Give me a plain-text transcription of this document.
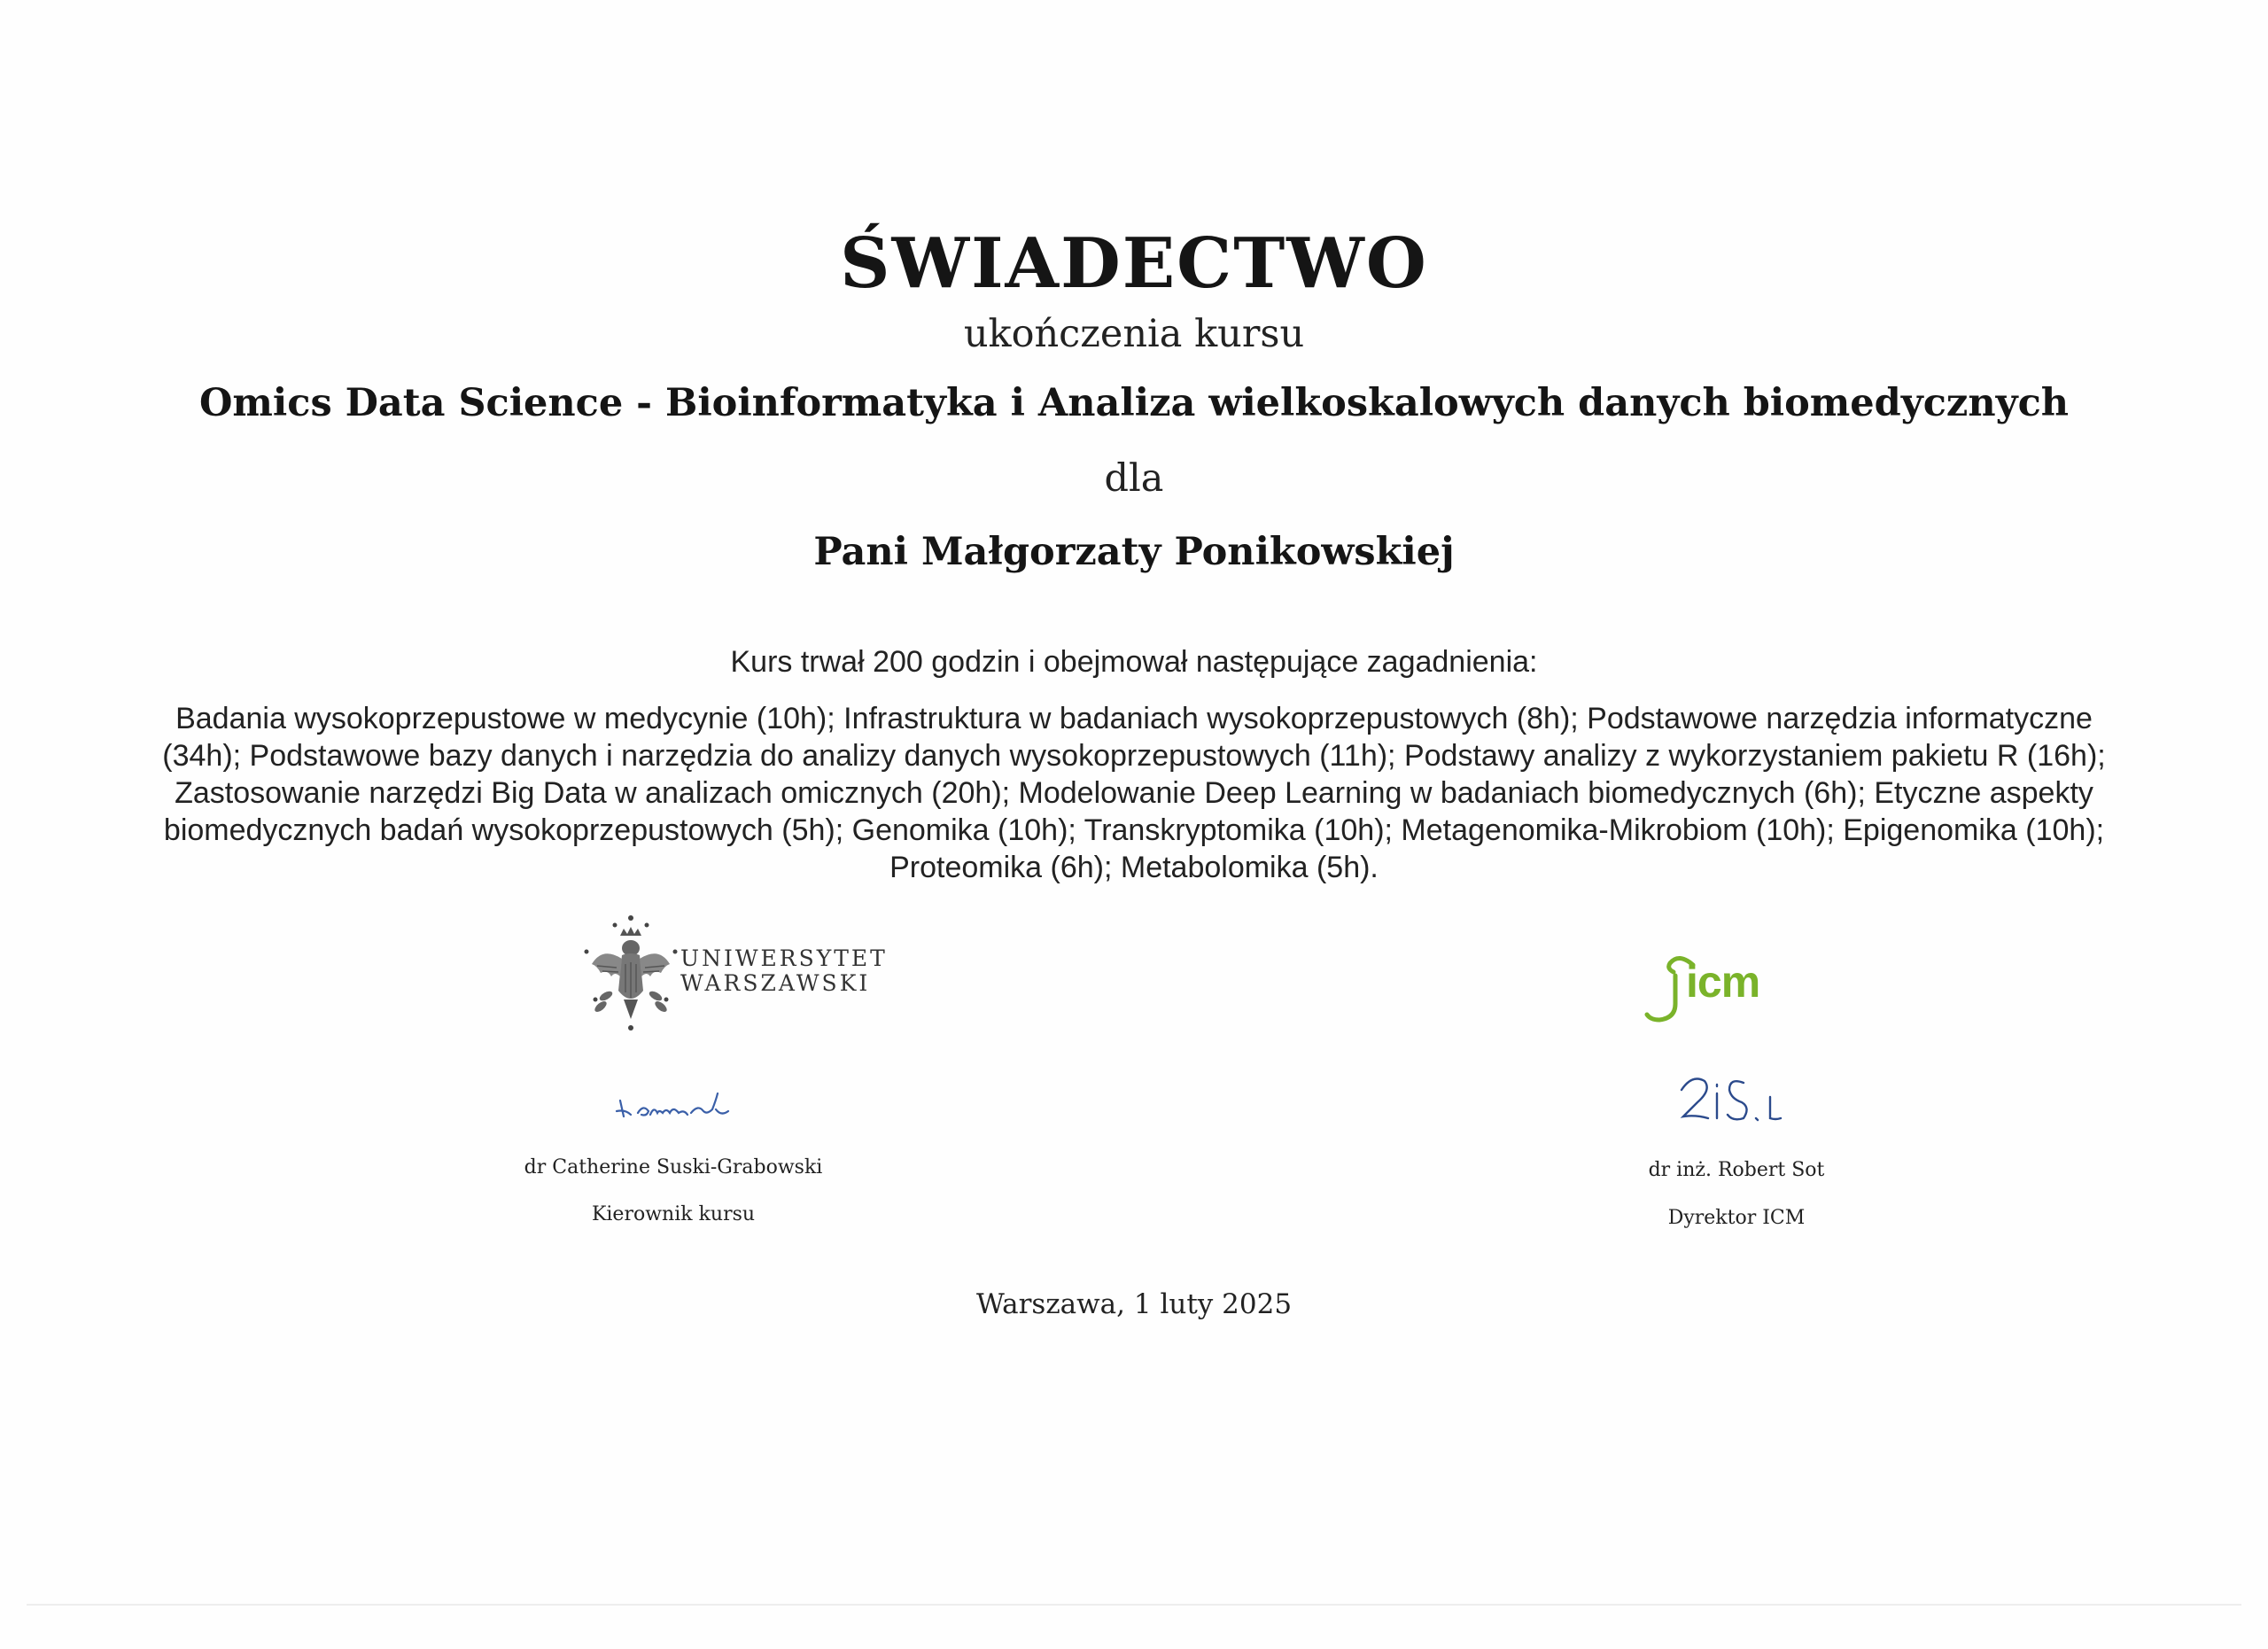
ŚWIADECTWO
ukończenia kursu
Omics Data Science - Bioinformatyka i Analiza wielkoskalowych danych biomedycznych
dla
Pani Małgorzaty Ponikowskiej
Kurs trwał 200 godzin i obejmował następujące zagadnienia:
Badania wysokoprzepustowe w medycynie (10h); Infrastruktura w badaniach wysokoprzepustowych (8h); Podstawowe narzędzia informatyczne
(34h); Podstawowe bazy danych i narzędzia do analizy danych wysokoprzepustowych (11h); Podstawy analizy z wykorzystaniem pakietu R (16h);
Zastosowanie narzędzi Big Data w analizach omicznych (20h); Modelowanie Deep Learning w badaniach biomedycznych (6h); Etyczne aspekty
biomedycznych badań wysokoprzepustowych (5h); Genomika (10h); Transkryptomika (10h); Metagenomika-Mikrobiom (10h); Epigenomika (10h);
Proteomika (6h); Metabolomika (5h).
UNIWERSYTET
WARSZAWSKI	icm
dr Catherine Suski-Grabowski
Kierownik kursu
dr inż. Robert Sot
Dyrektor ICM
Warszawa, 1 luty 2025
